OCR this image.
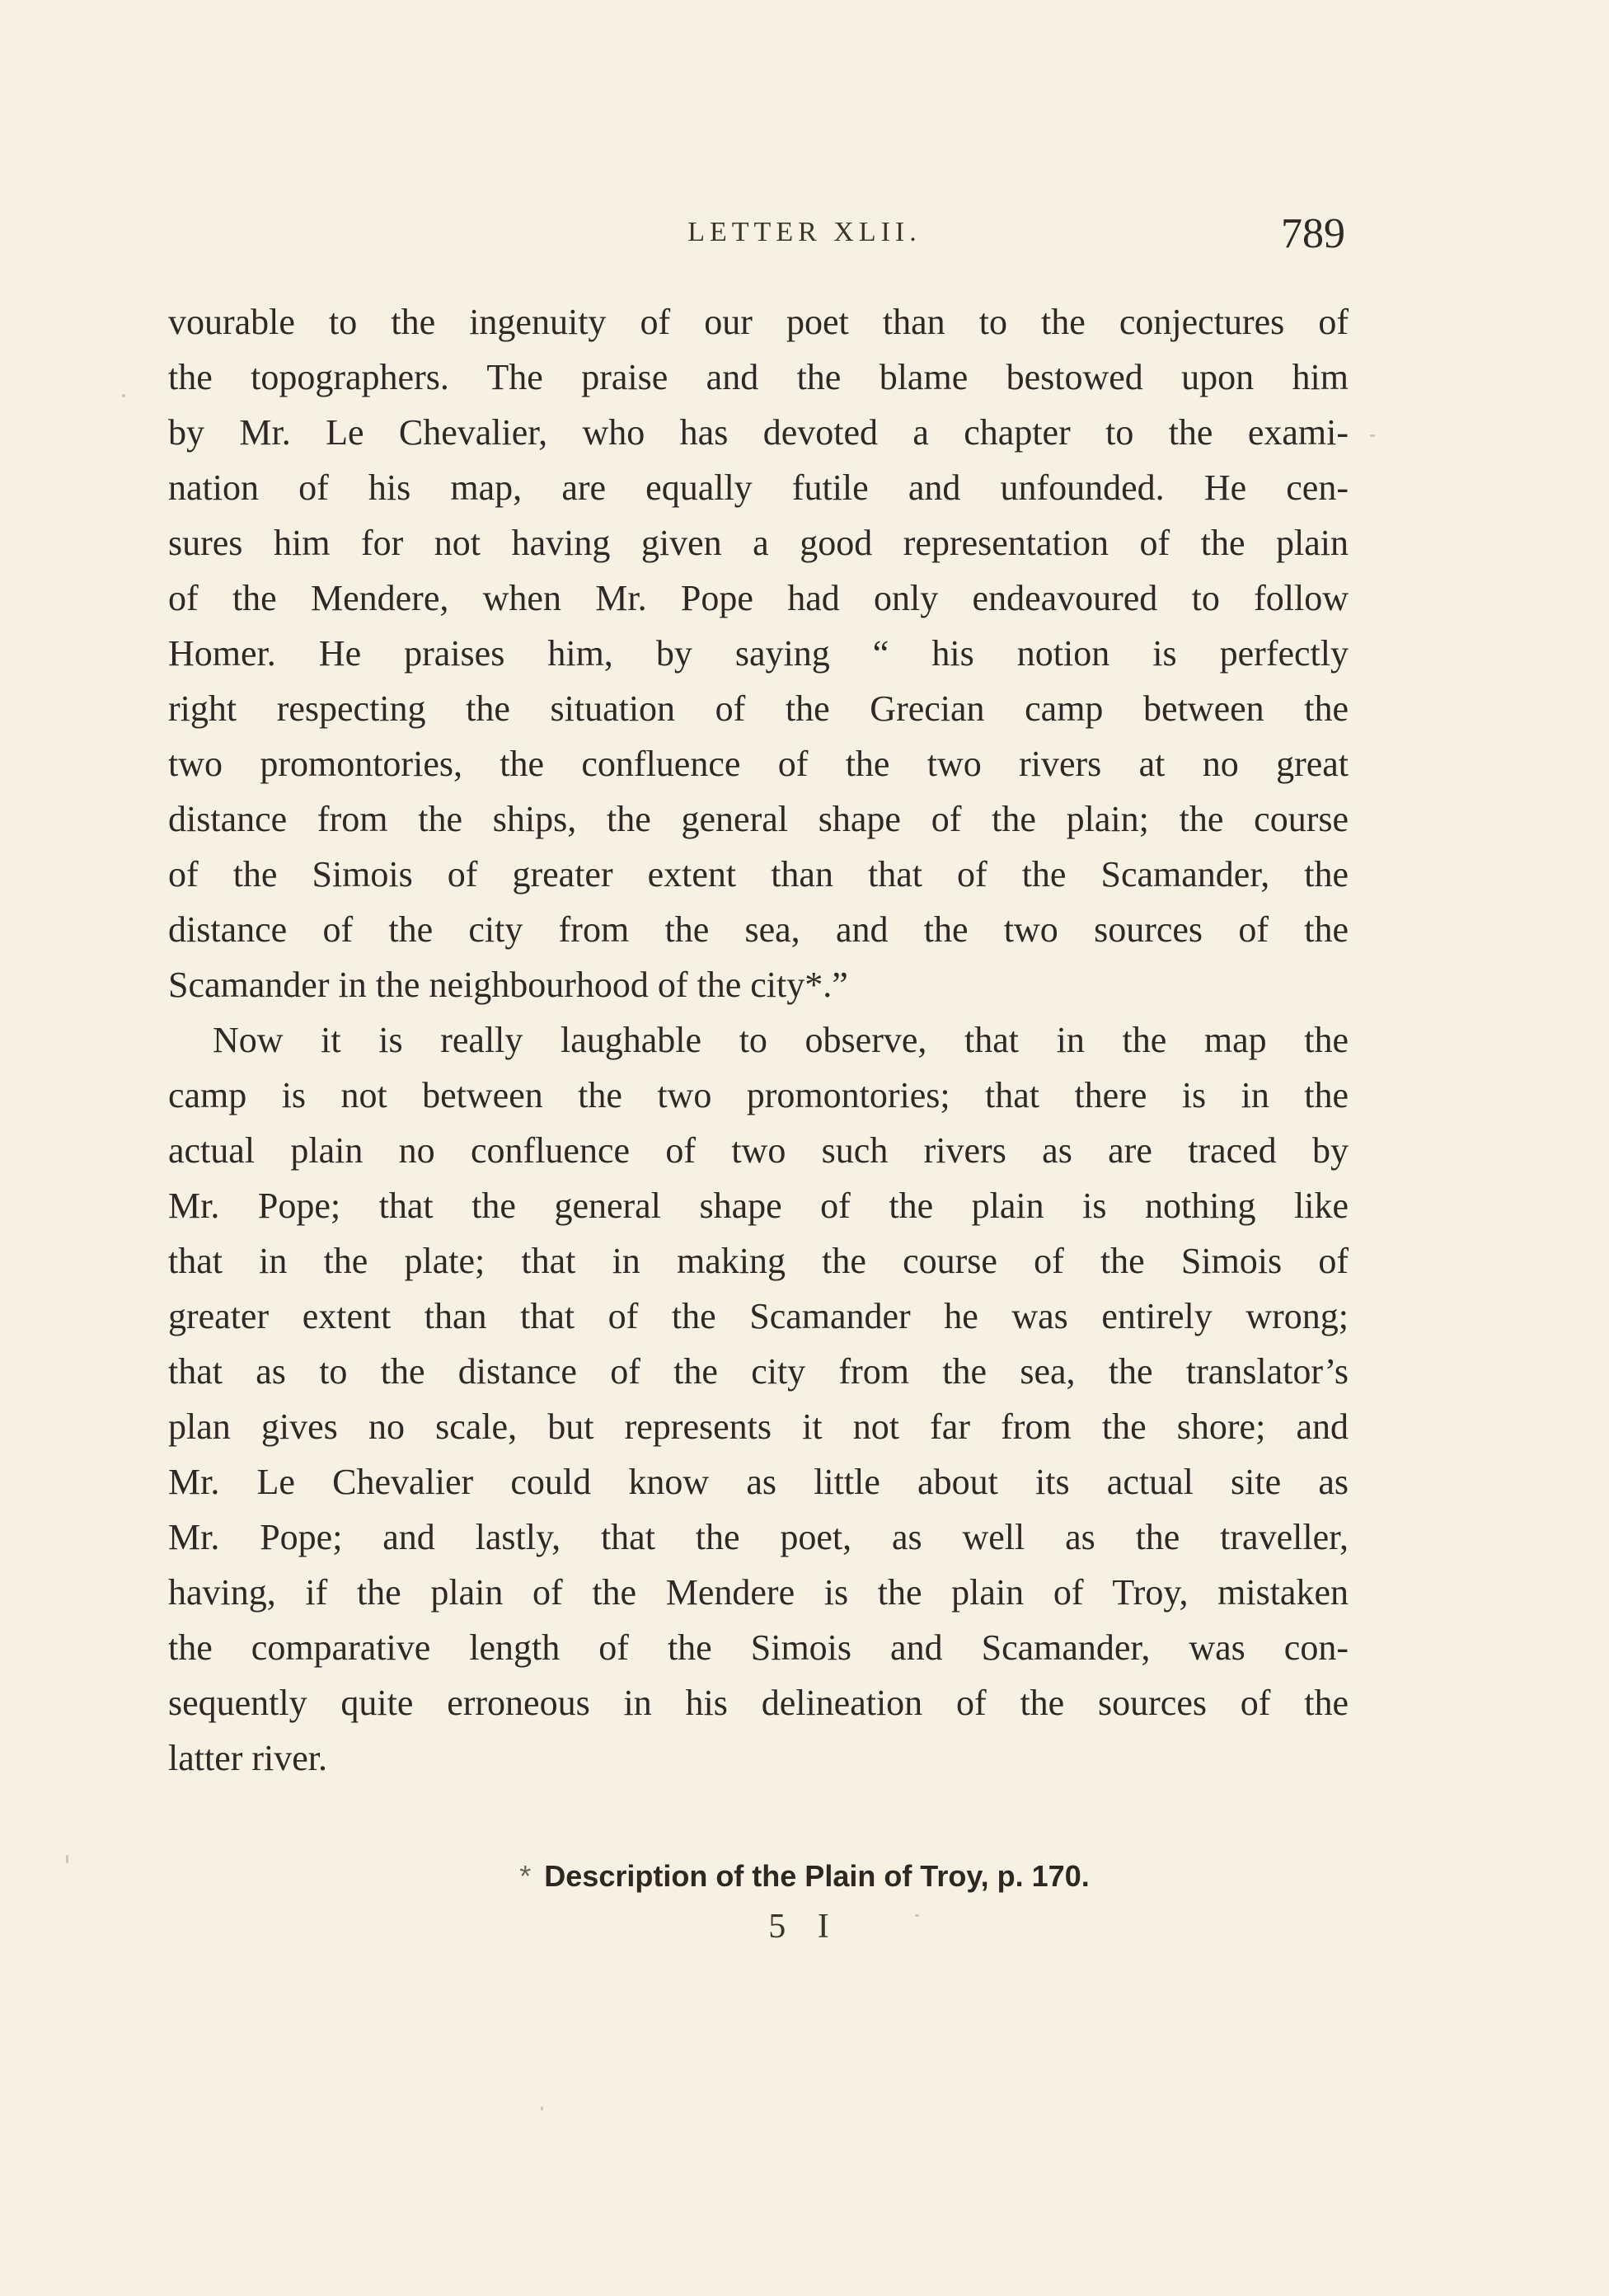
LETTER XLII.	789
vourable to the ingenuity of our poet than to the conjectures of
the topographers. The praise and the blame bestowed upon him
by Mr. Le Chevalier, who has devoted a chapter to the exami-
nation of his map, are equally futile and unfounded. He cen-
sures him for not having given a good representation of the plain
of the Mendere, when Mr. Pope had only endeavoured to follow
Homer. He praises him, by saying “ his notion is perfectly
right respecting the situation of the Grecian camp between the
two promontories, the confluence of the two rivers at no great
distance from the ships, the general shape of the plain; the course
of the Simois of greater extent than that of the Scamander, the
distance of the city from the sea, and the two sources of the
Scamander in the neighbourhood of the city*.”
Now it is really laughable to observe, that in the map the
camp is not between the two promontories; that there is in the
actual plain no confluence of two such rivers as are traced by
Mr. Pope; that the general shape of the plain is nothing like
that in the plate; that in making the course of the Simois of
greater extent than that of the Scamander he was entirely wrong;
that as to the distance of the city from the sea, the translator’s
plan gives no scale, but represents it not far from the shore; and
Mr. Le Chevalier could know as little about its actual site as
Mr. Pope; and lastly, that the poet, as well as the traveller,
having, if the plain of the Mendere is the plain of Troy, mistaken
the comparative length of the Simois and Scamander, was con-
sequently quite erroneous in his delineation of the sources of the
latter river.
* Description of the Plain of Troy, p. 170.
5 I
